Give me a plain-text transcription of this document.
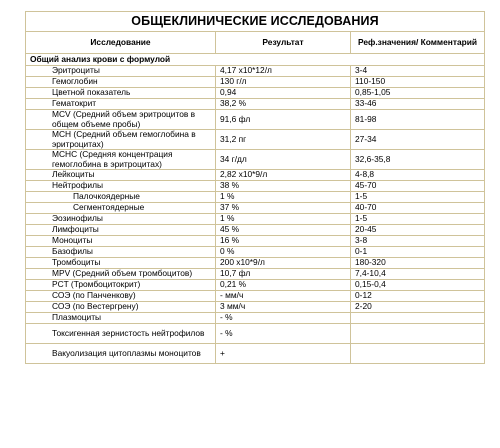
ОБЩЕКЛИНИЧЕСКИЕ ИССЛЕДОВАНИЯ		
Исследование	Результат	Реф.значения/ Комментарий
Общий анализ крови с формулой		
Эритроциты	4,17 х10*12/л	3-4
Гемоглобин	130 г/л	110-150
Цветной показатель	0,94	0,85-1,05
Гематокрит	38,2 %	33-46
MCV (Средний объем эритроцитов в общем объеме пробы)	91,6 фл	81-98
МСН (Средний объем гемоглобина в эритроцитах)	31,2 пг	27-34
МСНС (Средняя концентрация гемоглобина в эритроцитах)	34 г/дл	32,6-35,8
Лейкоциты	2,82 х10*9/л	4-8,8
Нейтрофилы	38 %	45-70
Палочкоядерные	1 %	1-5
Сегментоядерные	37 %	40-70
Эозинофилы	1 %	1-5
Лимфоциты	45 %	20-45
Моноциты	16 %	3-8
Базофилы	0 %	0-1
Тромбоциты	200 х10*9/л	180-320
MPV (Средний объем тромбоцитов)	10,7 фл	7,4-10,4
PCT (Тромбоцитокрит)	0,21 %	0,15-0,4
СОЭ (по Панченкову)	- мм/ч	0-12
СОЭ (по Вестергрену)	3 мм/ч	2-20
Плазмоциты	- %	
Токсигенная зернистость нейтрофилов	- %	
Вакуолизация цитоплазмы моноцитов	+	
